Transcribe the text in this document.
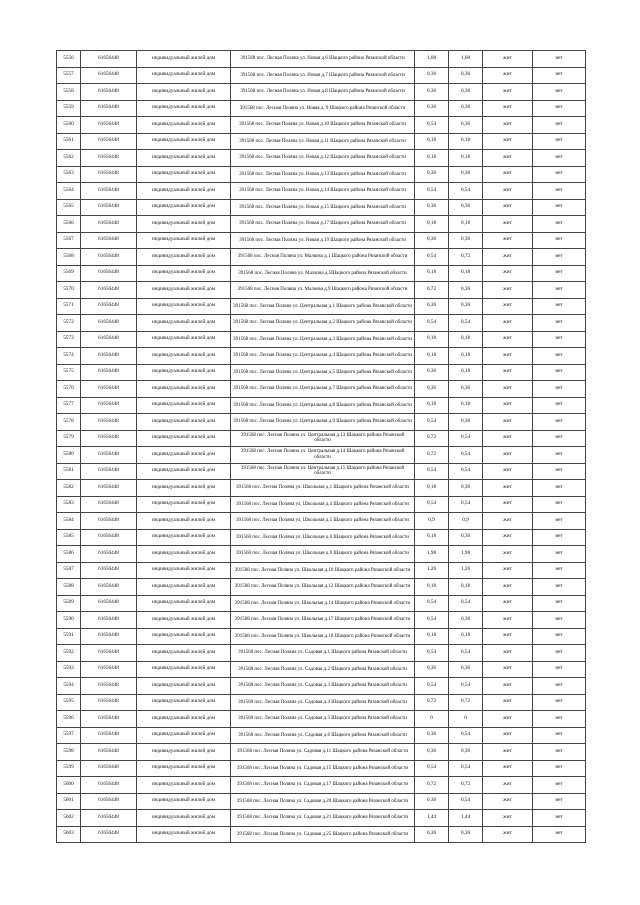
5556	61656448	индивидуальный жилой дом	391568 пос. Лесная Поляна ул. Новая д.6 Шацкого района Рязанской области	1,08	1,08	жит	нет
5557	61656448	индивидуальный жилой дом	391568 пос. Лесная Поляна ул. Новая д.7 Шацкого района Рязанской области	0,36	0,36	жит	нет
5558	61656448	индивидуальный жилой дом	391568 пос. Лесная Поляна ул. Новая д.8 Шацкого района Рязанской области	0,36	0,36	жит	нет
5559	61656448	индивидуальный жилой дом	391568 пос. Лесная Поляна ул. Новая д. 9 Шацкого района Рязанской области	0,36	0,36	жит	нет
5560	61656448	индивидуальный жилой дом	391568 пос. Лесная Поляна ул. Новая д.10 Шацкого района Рязанской области	0,54	0,36	жит	нет
5561	61656448	индивидуальный жилой дом	391568 пос. Лесная Поляна ул. Новая д.11 Шацкого района Рязанской области	0,18	0,18	жит	нет
5562	61656448	индивидуальный жилой дом	391568 пос. Лесная Поляна ул. Новая д.12 Шацкого района Рязанской области	0,18	0,18	жит	нет
5563	61656448	индивидуальный жилой дом	391568 пос. Лесная Поляна ул. Новая д.13 Шацкого района Рязанской области	0,36	0,36	жит	нет
5564	61656448	индивидуальный жилой дом	391568 пос. Лесная Поляна ул. Новая д.14 Шацкого района Рязанской области	0,54	0,54	жит	нет
5565	61656448	индивидуальный жилой дом	391568 пос. Лесная Поляна ул. Новая д.15 Шацкого района Рязанской области	0,36	0,36	жит	нет
5566	61656448	индивидуальный жилой дом	391568 пос. Лесная Поляна ул. Новая д.17 Шацкого района Рязанской области	0,18	0,18	жит	нет
5567	61656448	индивидуальный жилой дом	391568 пос. Лесная Поляна ул. Новая д.19 Шацкого района Рязанской области	0,36	0,36	жит	нет
5568	61656448	индивидуальный жилой дом	391568 пос. Лесная Поляна ул. Малкова д.1 Шацкого района Рязанской области	0,54	0,72	жит	нет
5569	61656448	индивидуальный жилой дом	391568 пос. Лесная Поляна ул. Малкова д.5Шацкого района Рязанской области	0,18	0,18	жит	нет
5570	61656448	индивидуальный жилой дом	391568 пос. Лесная Поляна ул. Малкова д.9 Шацкого района Рязанской области	0,72	0,36	жит	нет
5571	61656448	индивидуальный жилой дом	391568 пос. Лесная Поляна ул. Центральная д.1 Шацкого района Рязанской области	0,36	0,36	жит	нет
5572	61656448	индивидуальный жилой дом	391568 пос. Лесная Поляна ул. Центральная д.2 Шацкого района Рязанской области	0,54	0,54	жит	нет
5573	61656448	индивидуальный жилой дом	391568 пос. Лесная Поляна ул. Центральная д.3 Шацкого района Рязанской области	0,18	0,18	жит	нет
5574	61656448	индивидуальный жилой дом	391568 пос. Лесная Поляна ул. Центральная д.4 Шацкого района Рязанской области	0,18	0,18	жит	нет
5575	61656448	индивидуальный жилой дом	391568 пос. Лесная Поляна ул. Центральная д.5 Шацкого района Рязанской области	0,36	0,18	жит	нет
5576	61656448	индивидуальный жилой дом	391568 пос. Лесная Поляна ул. Центральная д.7 Шацкого района Рязанской области	0,36	0,36	жит	нет
5577	61656448	индивидуальный жилой дом	391568 пос. Лесная Поляна ул. Центральная д.8 Шацкого района Рязанской области	0,18	0,18	жит	нет
5578	61656448	индивидуальный жилой дом	391568 пос. Лесная Поляна ул. Центральная д.9 Шацкого района Рязанской области	0,54	0,36	жит	нет
5579	61656448	индивидуальный жилой дом	391568 пос. Лесная Поляна ул. Центральная д.13 Шацкого района Рязанской области	0,72	0,54	жит	нет
5580	61656448	индивидуальный жилой дом	391568 пос. Лесная Поляна ул. Центральная д.14 Шацкого района Рязанской области	0,72	0,54	жит	нет
5581	61656448	индивидуальный жилой дом	391568 пос. Лесная Поляна ул. Центральная д.15 Шацкого района Рязанской области	0,54	0,54	жит	нет
5582	61656448	индивидуальный жилой дом	391568 пос. Лесная Поляна ул. Школьная д.1 Шацкого района Рязанской области	0,18	0,36	жит	нет
5583	61656448	индивидуальный жилой дом	391568 пос. Лесная Поляна ул. Школьная д.4 Шацкого района Рязанской области	0,54	0,54	жит	нет
5584	61656448	индивидуальный жилой дом	391568 пос. Лесная Поляна ул. Школьная д.5 Шацкого района Рязанской области	0,9	0,9	жит	нет
5585	61656448	индивидуальный жилой дом	391568 пос. Лесная Поляна ул. Школьная д.6 Шацкого района Рязанской области	0,18	0,36	жит	нет
5586	61656448	индивидуальный жилой дом	391568 пос. Лесная Поляна ул. Школьная д.9 Шацкого района Рязанской области	1,98	1,98	жит	нет
5587	61656448	индивидуальный жилой дом	391568 пос. Лесная Поляна ул. Школьная д.10 Шацкого района Рязанской области	1,26	1,26	жит	нет
5588	61656448	индивидуальный жилой дом	391568 пос. Лесная Поляна ул. Школьная д.12 Шацкого района Рязанской области	0,18	0,18	жит	нет
5589	61656448	индивидуальный жилой дом	391568 пос. Лесная Поляна ул. Школьная д.14 Шацкого района Рязанской области	0,54	0,54	жит	нет
5590	61656448	индивидуальный жилой дом	391568 пос. Лесная Поляна ул. Школьная д.17 Шацкого района Рязанской области	0,54	0,36	жит	нет
5591	61656448	индивидуальный жилой дом	391568 пос. Лесная Поляна ул. Школьная д.18 Шацкого района Рязанской области	0,18	0,18	жит	нет
5592	61656448	индивидуальный жилой дом	391568 пос. Лесная Поляна ул. Садовая д.1 Шацкого района Рязанской области	0,54	0,54	жит	нет
5593	61656448	индивидуальный жилой дом	391568 пос. Лесная Поляна ул. Садовая д.2 Шацкого района Рязанской области	0,36	0,36	жит	нет
5594	61656448	индивидуальный жилой дом	391568 пос. Лесная Поляна ул. Садовая д.3 Шацкого района Рязанской области	0,54	0,54	жит	нет
5595	61656448	индивидуальный жилой дом	391568 пос. Лесная Поляна ул. Садовая д.4 Шацкого района Рязанской области	0,72	0,72	жит	нет
5596	61656448	индивидуальный жилой дом	391568 пос. Лесная Поляна ул. Садовая д.5 Шацкого района Рязанской области	0	0	жит	нет
5597	61656448	индивидуальный жилой дом	391568 пос. Лесная Поляна ул. Садовая д.6 Шацкого района Рязанской области	0,36	0,54	жит	нет
5598	61656448	индивидуальный жилой дом	391568 пос. Лесная Поляна ул. Садовая д.11 Шацкого района Рязанской области	0,36	0,36	жит	нет
5599	61656448	индивидуальный жилой дом	391568 пос. Лесная Поляна ул. Садовая д.15 Шацкого района Рязанской области	0,54	0,54	жит	нет
5600	61656448	индивидуальный жилой дом	391568 пос. Лесная Поляна ул. Садовая д.17 Шацкого района Рязанской области	0,72	0,72	жит	нет
5601	61656448	индивидуальный жилой дом	391568 пос. Лесная Поляна ул. Садовая д.20 Шацкого района Рязанской области	0,36	0,54	жит	нет
5602	61656448	индивидуальный жилой дом	391568 пос. Лесная Поляна ул. Садовая д.21 Шацкого района Рязанской области	1,44	1,44	жит	нет
5603	61656448	индивидуальный жилой дом	391568 пос. Лесная Поляна ул. Садовая д.25 Шацкого района Рязанской области	0,36	0,36	жит	нет
